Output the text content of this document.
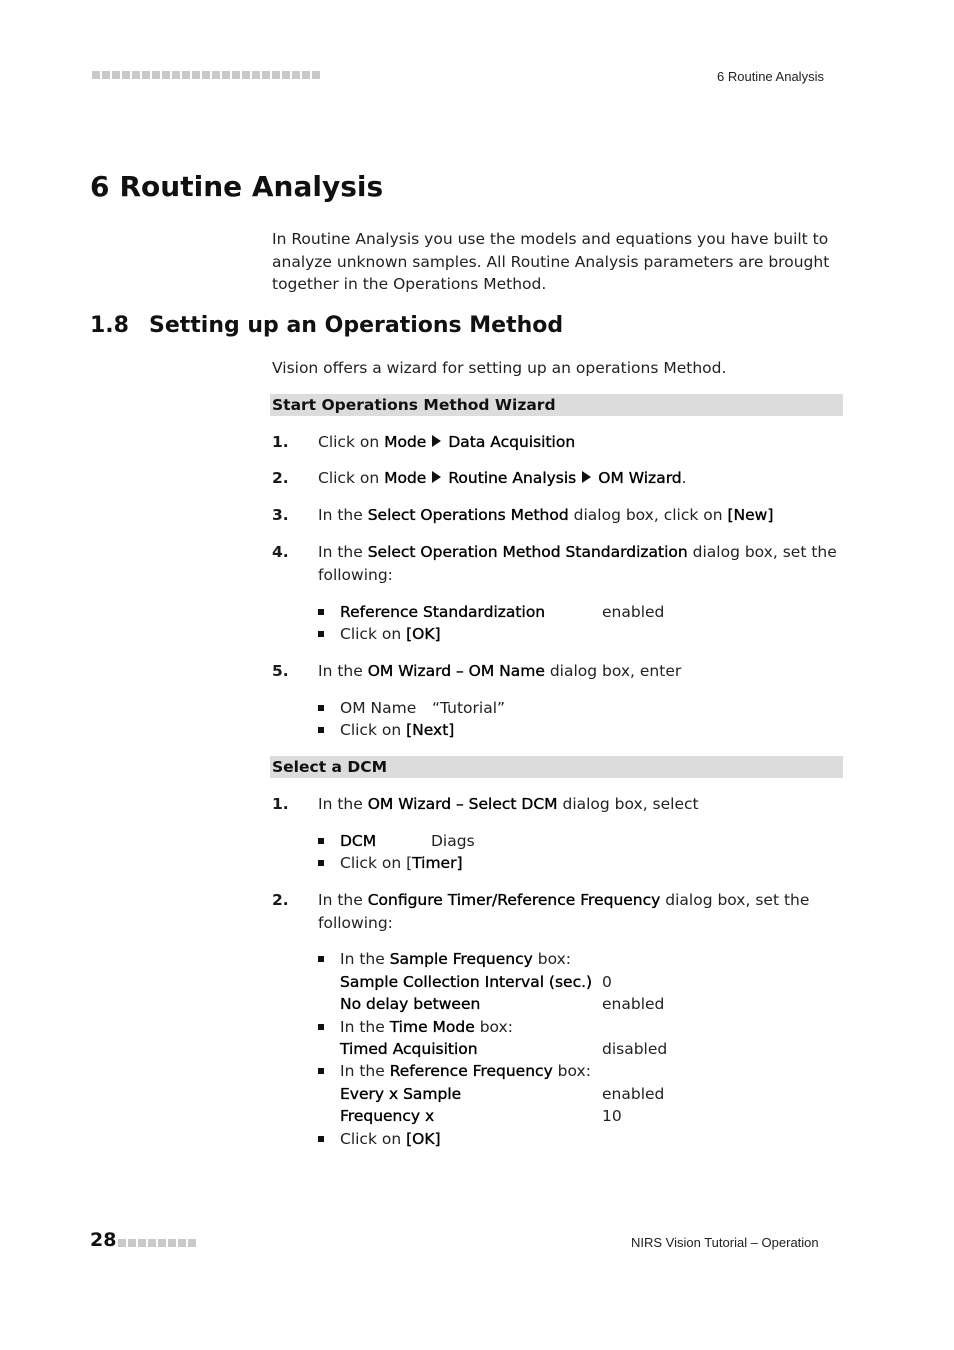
6 Routine Analysis
6 Routine Analysis
In Routine Analysis you use the models and equations you have built to analyze unknown samples. All Routine Analysis parameters are brought together in the Operations Method.
1.8 Setting up an Operations Method
Vision offers a wizard for setting up an operations Method.
Start Operations Method Wizard
1. Click on Mode Data Acquisition
2. Click on Mode Routine Analysis OM Wizard.
3. In the Select Operations Method dialog box, click on [New]
4. In the Select Operation Method Standardization dialog box, set the following:
Reference Standardization	enabled
Click on [OK]
5. In the OM Wizard – OM Name dialog box, enter
OM Name “Tutorial”
Click on [Next]
Select a DCM
1. In the OM Wizard – Select DCM dialog box, select
DCM	Diags
Click on [Timer]
2. In the Configure Timer/Reference Frequency dialog box, set the following:
In the Sample Frequency box:
Sample Collection Interval (sec.) 0
No delay between	enabled
In the Time Mode box:
Timed Acquisition	disabled
In the Reference Frequency box:
Every x Sample	enabled
Frequency x	10
Click on [OK]
28	NIRS Vision Tutorial – Operation
